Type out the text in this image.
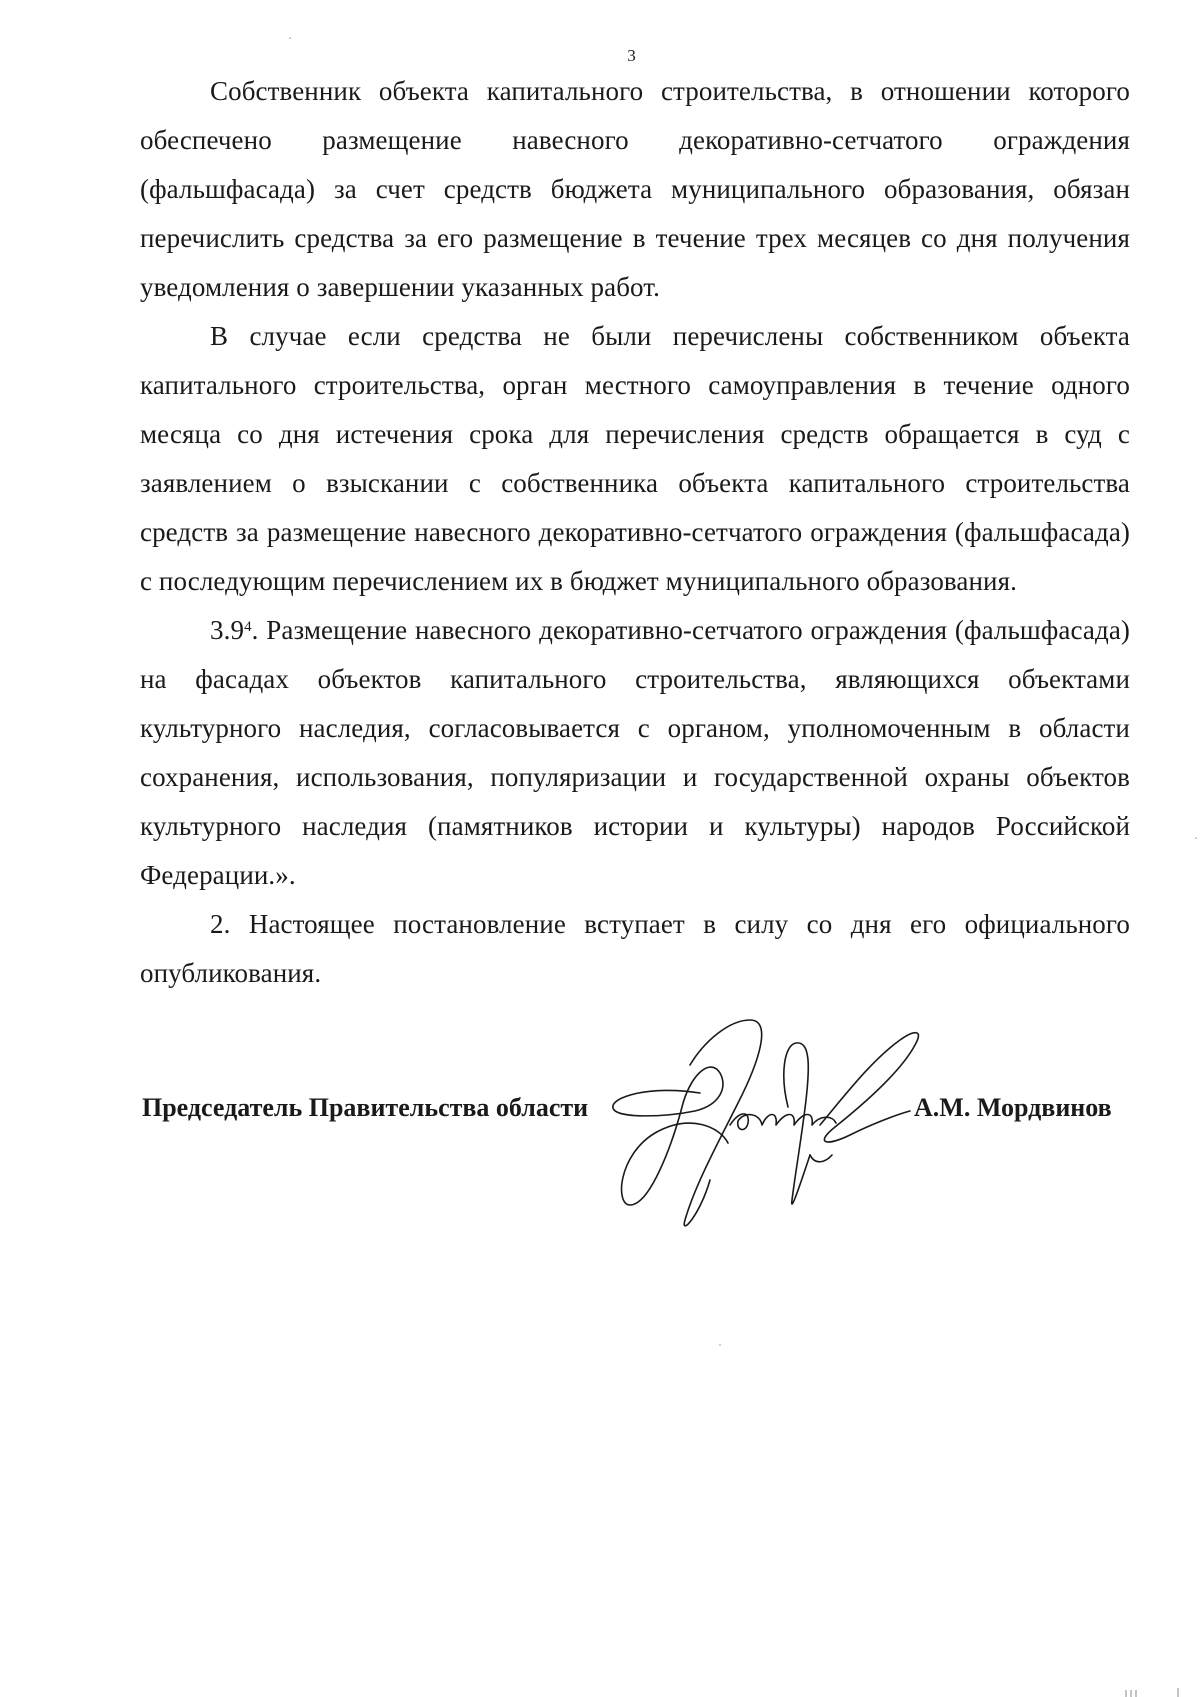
3

Собственник объекта капитального строительства, в отношении которого обеспечено размещение навесного декоративно-сетчатого ограждения (фальшфасада) за счет средств бюджета муниципального образования, обязан перечислить средства за его размещение в течение трех месяцев со дня получения уведомления о завершении указанных работ.

В случае если средства не были перечислены собственником объекта капитального строительства, орган местного самоуправления в течение одного месяца со дня истечения срока для перечисления средств обращается в суд с заявлением о взыскании с собственника объекта капитального строительства средств за размещение навесного декоративно-сетчатого ограждения (фальшфасада) с последующим перечислением их в бюджет муниципального образования.

$3.9^4$. Размещение навесного декоративно-сетчатого ограждения (фальшфасада) на фасадах объектов капитального строительства, являющихся объектами культурного наследия, согласовывается с органом, уполномоченным в области сохранения, использования, популяризации и государственной охраны объектов культурного наследия (памятников истории и культуры) народов Российской Федерации.».

2. Настоящее постановление вступает в силу со дня его официального опубликования.

Председатель Правительства области	А.М. Мордвинов
